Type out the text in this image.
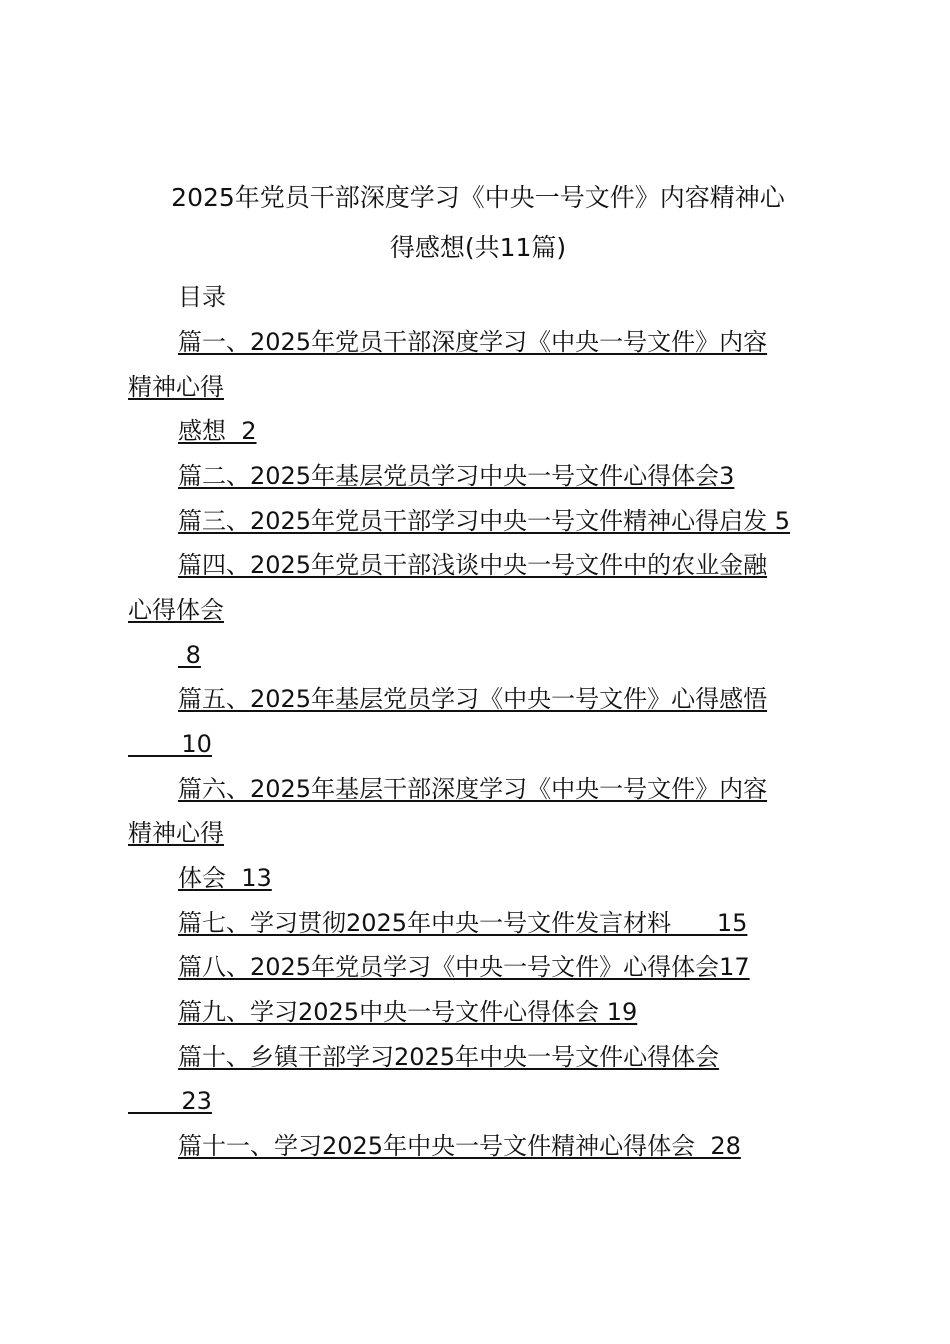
2025年党员干部深度学习《中央一号文件》内容精神心
得感想(共11篇)
目录
篇一、2025年党员干部深度学习《中央一号文件》内容
精神心得
感想  2
篇二、2025年基层党员学习中央一号文件心得体会3
篇三、2025年党员干部学习中央一号文件精神心得启发 5
篇四、2025年党员干部浅谈中央一号文件中的农业金融
心得体会
8
篇五、2025年基层党员学习《中央一号文件》心得感悟
10
篇六、2025年基层干部深度学习《中央一号文件》内容
精神心得
体会  13
篇七、学习贯彻2025年中央一号文件发言材料      15
篇八、2025年党员学习《中央一号文件》心得体会17
篇九、学习2025中央一号文件心得体会 19
篇十、乡镇干部学习2025年中央一号文件心得体会
23
篇十一、学习2025年中央一号文件精神心得体会  28
